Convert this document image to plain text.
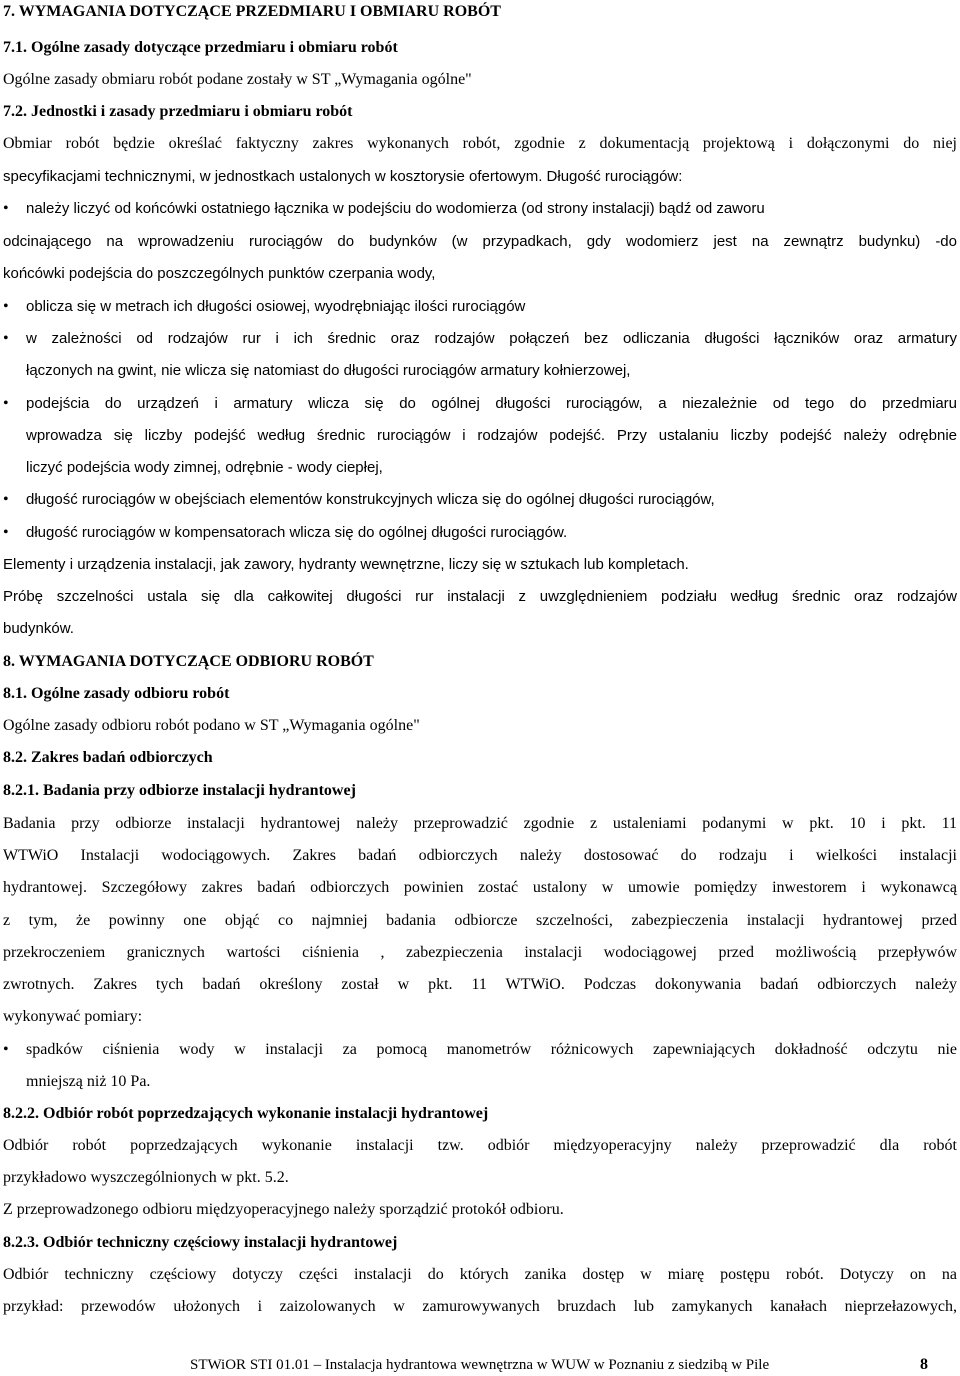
7. WYMAGANIA DOTYCZĄCE PRZEDMIARU I OBMIARU ROBÓT
7.1. Ogólne zasady dotyczące przedmiaru i obmiaru robót
Ogólne zasady obmiaru robót podane zostały w ST „Wymagania ogólne"
7.2. Jednostki i zasady przedmiaru i obmiaru robót
Obmiar robót będzie określać faktyczny zakres wykonanych robót, zgodnie z dokumentacją projektową i dołączonymi do niej
specyfikacjami technicznymi, w jednostkach ustalonych w kosztorysie ofertowym. Długość rurociągów:
•	należy liczyć od końcówki ostatniego łącznika w podejściu do wodomierza (od strony instalacji) bądź od zaworu
odcinającego na wprowadzeniu rurociągów do budynków (w przypadkach, gdy wodomierz jest na zewnątrz budynku) -do
końcówki podejścia do poszczególnych punktów czerpania wody,
•	oblicza się w metrach ich długości osiowej, wyodrębniając ilości rurociągów
•	w zależności od rodzajów rur i ich średnic oraz rodzajów połączeń bez odliczania długości łączników oraz armatury
łączonych na gwint, nie wlicza się natomiast do długości rurociągów armatury kołnierzowej,
•	podejścia do urządzeń i armatury wlicza się do ogólnej długości rurociągów, a niezależnie od tego do przedmiaru
wprowadza się liczby podejść według średnic rurociągów i rodzajów podejść. Przy ustalaniu liczby podejść należy odrębnie
liczyć podejścia wody zimnej, odrębnie - wody ciepłej,
•	długość rurociągów w obejściach elementów konstrukcyjnych wlicza się do ogólnej długości rurociągów,
•	długość rurociągów w kompensatorach wlicza się do ogólnej długości rurociągów.
Elementy i urządzenia instalacji, jak zawory, hydranty wewnętrzne, liczy się w sztukach lub kompletach.
Próbę szczelności ustala się dla całkowitej długości rur instalacji z uwzględnieniem podziału według średnic oraz rodzajów
budynków.
8. WYMAGANIA DOTYCZĄCE ODBIORU ROBÓT
8.1. Ogólne zasady odbioru robót
Ogólne zasady odbioru robót podano w ST „Wymagania ogólne"
8.2. Zakres badań odbiorczych
8.2.1. Badania przy odbiorze instalacji hydrantowej
Badania przy odbiorze instalacji hydrantowej należy przeprowadzić zgodnie z ustaleniami podanymi w pkt. 10 i pkt. 11
WTWiO Instalacji wodociągowych. Zakres badań odbiorczych należy dostosować do rodzaju i wielkości instalacji
hydrantowej. Szczegółowy zakres badań odbiorczych powinien zostać ustalony w umowie pomiędzy inwestorem i wykonawcą
z tym, że powinny one objąć co najmniej badania odbiorcze szczelności, zabezpieczenia instalacji hydrantowej przed
przekroczeniem granicznych wartości ciśnienia , zabezpieczenia instalacji wodociągowej przed możliwością przepływów
zwrotnych. Zakres tych badań określony został w pkt. 11 WTWiO. Podczas dokonywania badań odbiorczych należy
wykonywać pomiary:
•	spadków ciśnienia wody w instalacji za pomocą manometrów różnicowych zapewniających dokładność odczytu nie
mniejszą niż 10 Pa.
8.2.2. Odbiór robót poprzedzających wykonanie instalacji hydrantowej
Odbiór robót poprzedzających wykonanie instalacji tzw. odbiór międzyoperacyjny należy przeprowadzić dla robót
przykładowo wyszczególnionych w pkt. 5.2.
Z przeprowadzonego odbioru międzyoperacyjnego należy sporządzić protokół odbioru.
8.2.3. Odbiór techniczny częściowy instalacji hydrantowej
Odbiór techniczny częściowy dotyczy części instalacji do których zanika dostęp w miarę postępu robót. Dotyczy on na
przykład: przewodów ułożonych i zaizolowanych w zamurowywanych bruzdach lub zamykanych kanałach nieprzełazowych,
STWiOR STI 01.01 – Instalacja hydrantowa wewnętrzna w WUW w Poznaniu z siedzibą w Pile	8
